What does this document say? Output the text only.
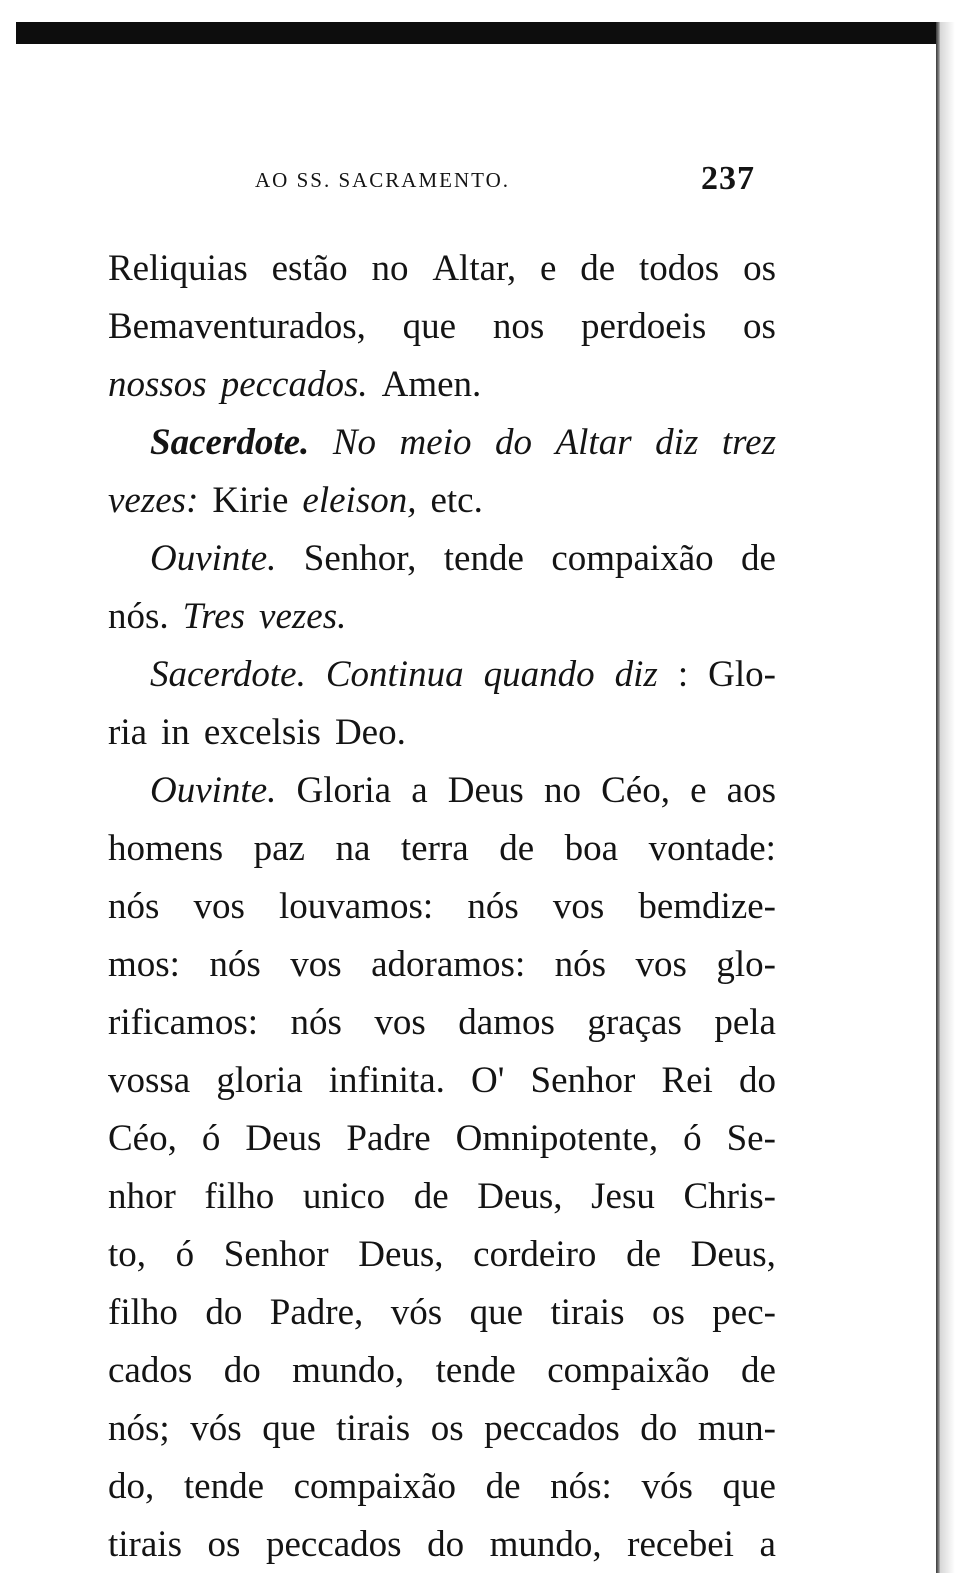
AO SS. SACRAMENTO.	237
Reliquias estão no Altar, e de todos os
Bemaventurados, que nos perdoeis os
nossos peccados. Amen.
Sacerdote. No meio do Altar diz trez
vezes: Kirie eleison, etc.
Ouvinte. Senhor, tende compaixão de
nós. Tres vezes.
Sacerdote. Continua quando diz : Glo-
ria in excelsis Deo.
Ouvinte. Gloria a Deus no Céo, e aos
homens paz na terra de boa vontade:
nós vos louvamos: nós vos bemdize-
mos: nós vos adoramos: nós vos glo-
rificamos: nós vos damos graças pela
vossa gloria infinita. O' Senhor Rei do
Céo, ó Deus Padre Omnipotente, ó Se-
nhor filho unico de Deus, Jesu Chris-
to, ó Senhor Deus, cordeiro de Deus,
filho do Padre, vós que tirais os pec-
cados do mundo, tende compaixão de
nós; vós que tirais os peccados do mun-
do, tende compaixão de nós: vós que
tirais os peccados do mundo, recebei a
